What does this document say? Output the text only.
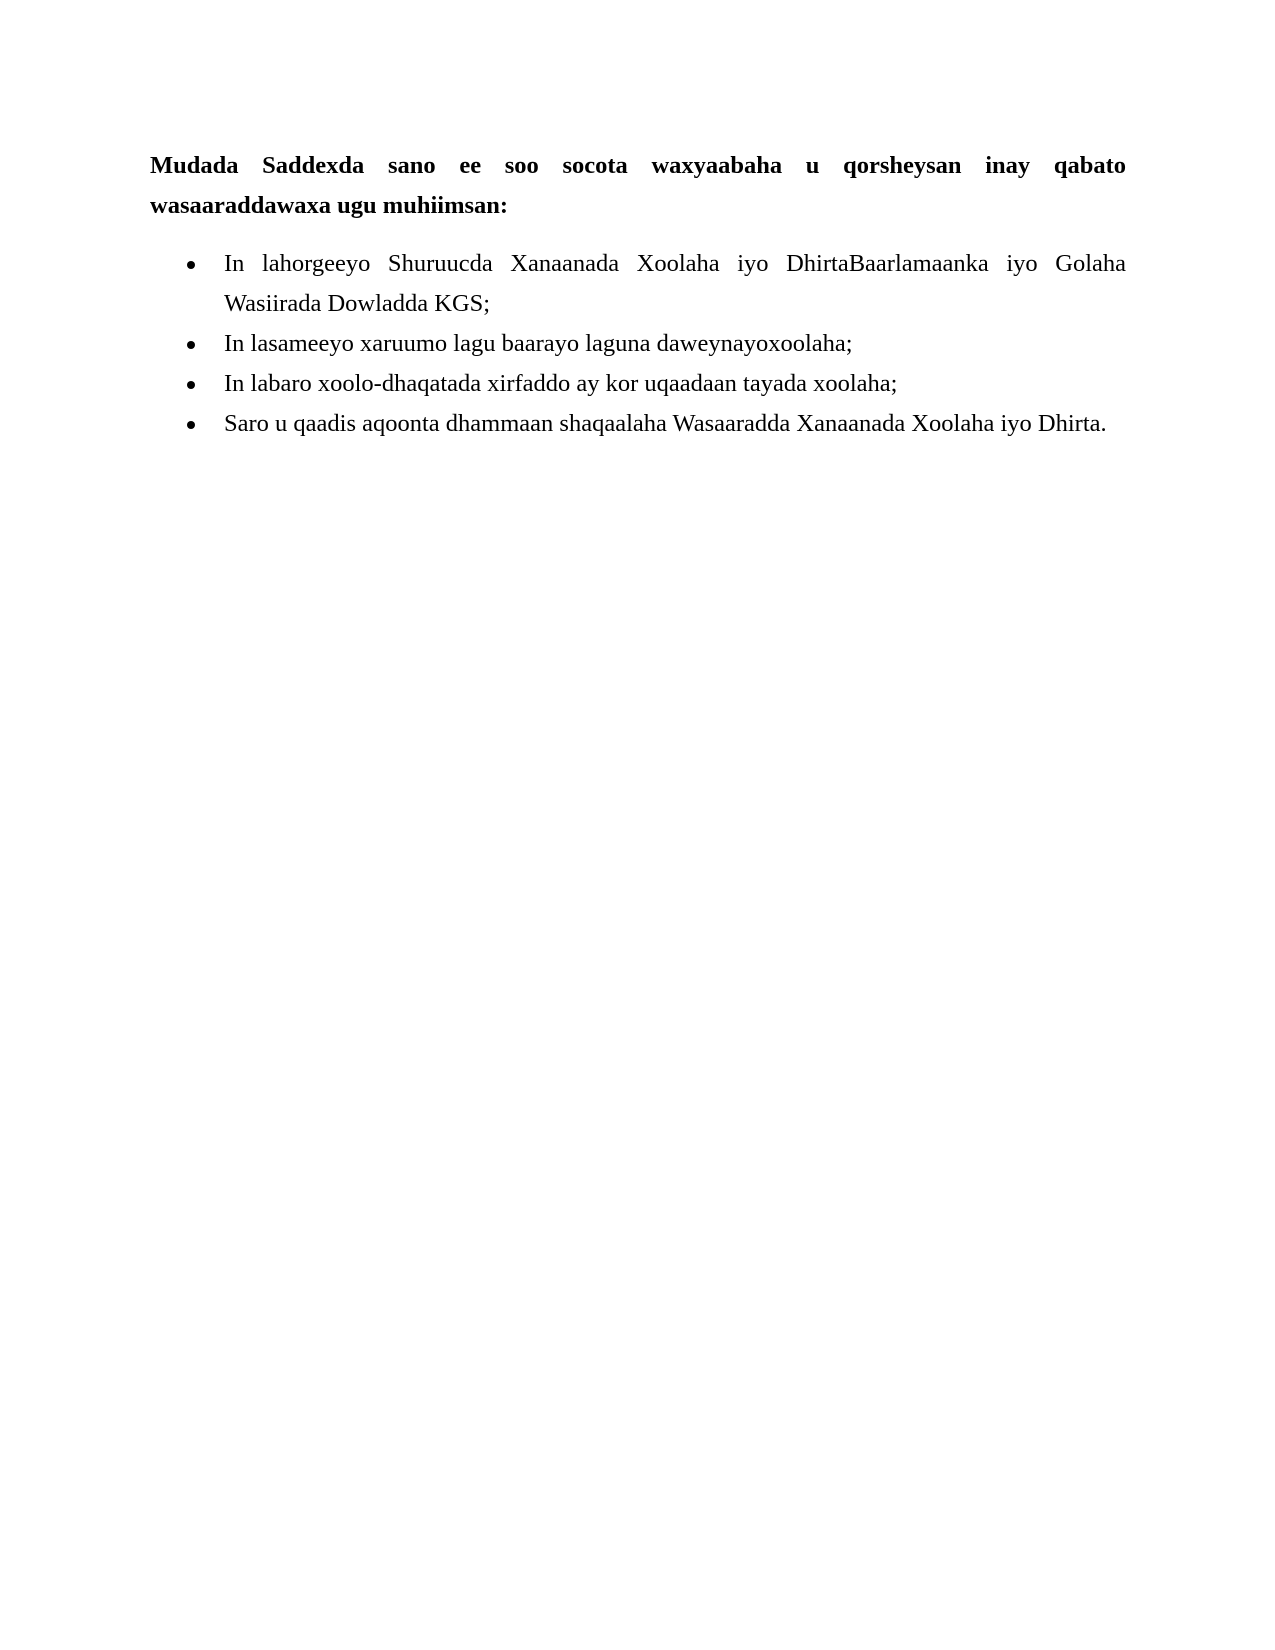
Mudada Saddexda sano ee soo socota waxyaabaha u qorsheysan inay qabato wasaaraddawaxa ugu muhiimsan:

In lahorgeeyo Shuruucda Xanaanada Xoolaha iyo DhirtaBaarlamaanka iyo Golaha Wasiirada Dowladda KGS;
In lasameeyo xaruumo lagu baarayo laguna daweynayoxoolaha;
In labaro xoolo-dhaqatada xirfaddo ay kor uqaadaan tayada xoolaha;
Saro u qaadis aqoonta dhammaan shaqaalaha Wasaaradda Xanaanada Xoolaha iyo Dhirta.
